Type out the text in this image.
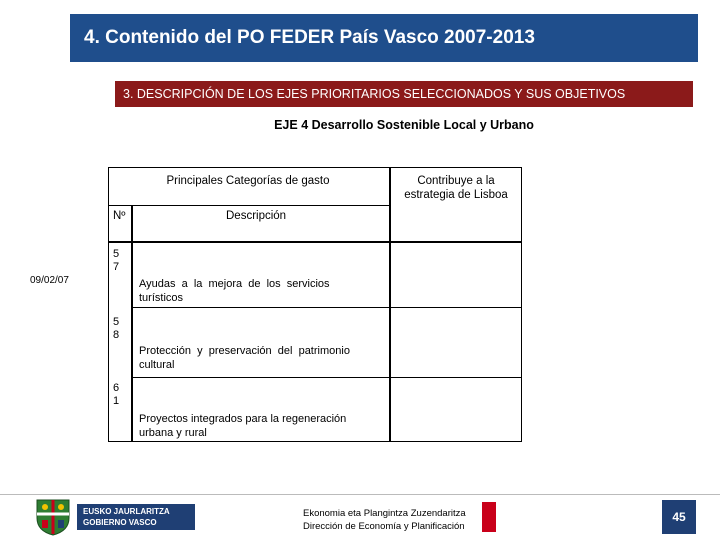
4. Contenido del PO FEDER País Vasco 2007-2013
3. DESCRIPCIÓN DE LOS EJES PRIORITARIOS SELECCIONADOS Y SUS OBJETIVOS
EJE 4 Desarrollo Sostenible Local y Urbano
09/02/07
Principales Categorías de gasto	Contribuye a la
estrategia de Lisboa
Nº	Descripción
5
7
Ayudas  a  la  mejora  de  los  servicios
turísticos
5
8
Protección  y  preservación  del  patrimonio
cultural
6
1
Proyectos integrados para la regeneración
urbana y rural
EUSKO JAURLARITZA
GOBIERNO VASCO
Ekonomia eta Plangintza Zuzendaritza
Dirección de Economía y Planificación
45
